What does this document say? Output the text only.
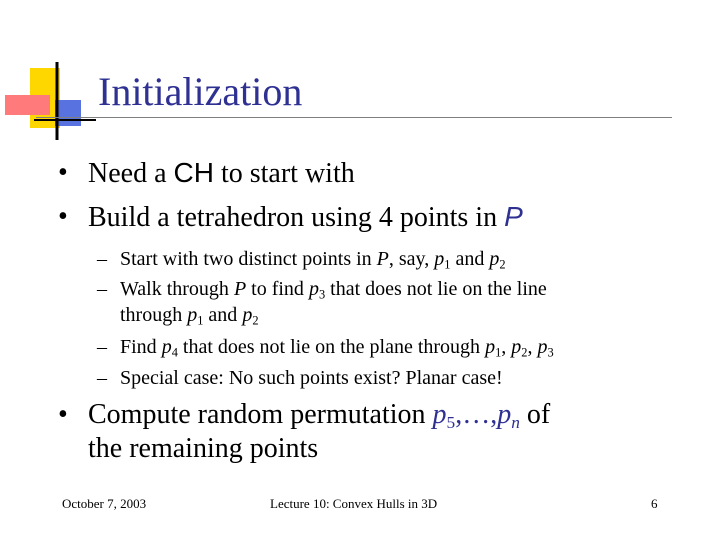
Initialization
• Need a CH to start with
• Build a tetrahedron using 4 points in P
– Start with two distinct points in P, say, $p_1$ and $p_2$
– Walk through P to find $p_3$ that does not lie on the line
through $p_1$ and $p_2$
– Find $p_4$ that does not lie on the plane through $p_1$, $p_2$, $p_3$
– Special case: No such points exist? Planar case!
• Compute random permutation $p_5,\dots,p_n$ of
the remaining points
October 7, 2003	Lecture 10: Convex Hulls in 3D	6
